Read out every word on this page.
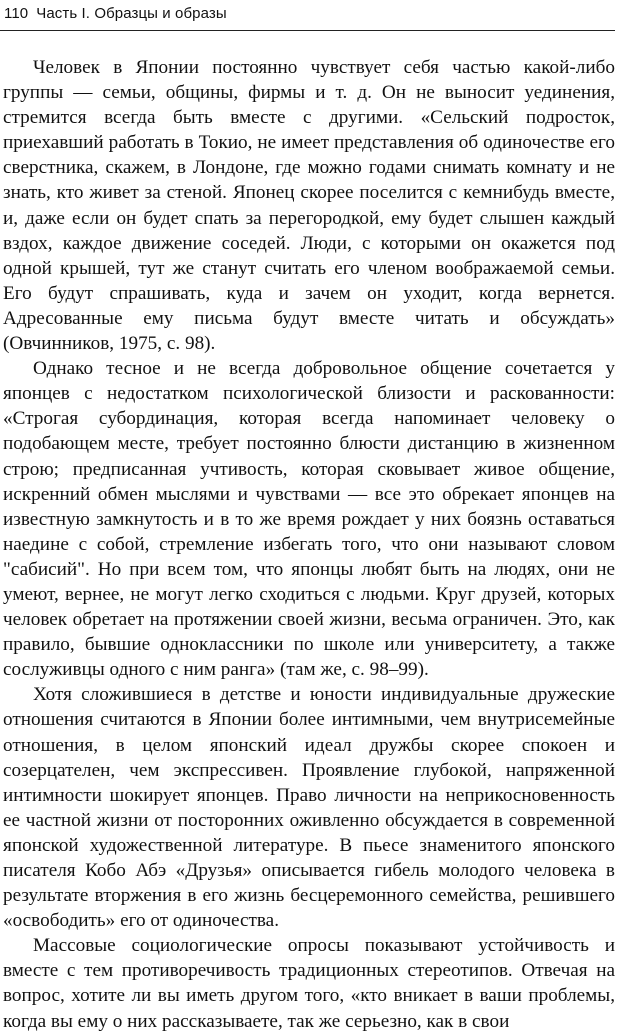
110 Часть I. Образцы и образы

Человек в Японии постоянно чувствует себя частью какой-либо группы — семьи, общины, фирмы и т. д. Он не выносит уединения, стремится всегда быть вместе с другими. «Сельский подросток, приехавший работать в Токио, не имеет представления об одиночестве его сверстника, скажем, в Лондоне, где можно годами снимать комнату и не знать, кто живет за стеной. Японец скорее поселится с кемнибудь вместе, и, даже если он будет спать за перегородкой, ему будет слышен каждый вздох, каждое движение соседей. Люди, с которыми он окажется под одной крышей, тут же станут считать его членом воображаемой семьи. Его будут спрашивать, куда и зачем он уходит, когда вернется. Адресованные ему письма будут вместе читать и обсуждать» (Овчинников, 1975, с. 98).

Однако тесное и не всегда добровольное общение сочетается у японцев с недостатком психологической близости и раскованности: «Строгая субординация, которая всегда напоминает человеку о подобающем месте, требует постоянно блюсти дистанцию в жизненном строю; предписанная учтивость, которая сковывает живое общение, искренний обмен мыслями и чувствами — все это обрекает японцев на известную замкнутость и в то же время рождает у них боязнь оставаться наедине с собой, стремление избегать того, что они называют словом "сабисий". Но при всем том, что японцы любят быть на людях, они не умеют, вернее, не могут легко сходиться с людьми. Круг друзей, которых человек обретает на протяжении своей жизни, весьма ограничен. Это, как правило, бывшие одноклассники по школе или университету, а также сослуживцы одного с ним ранга» (там же, с. 98–99).

Хотя сложившиеся в детстве и юности индивидуальные дружеские отношения считаются в Японии более интимными, чем внутрисемейные отношения, в целом японский идеал дружбы скорее спокоен и созерцателен, чем экспрессивен. Проявление глубокой, напряженной интимности шокирует японцев. Право личности на неприкосновенность ее частной жизни от посторонних оживленно обсуждается в современной японской художественной литературе. В пьесе знаменитого японского писателя Кобо Абэ «Друзья» описывается гибель молодого человека в результате вторжения в его жизнь бесцеремонного семейства, решившего «освободить» его от одиночества.

Массовые социологические опросы показывают устойчивость и вместе с тем противоречивость традиционных стереотипов. Отвечая на вопрос, хотите ли вы иметь другом того, «кто вникает в ваши проблемы, когда вы ему о них рассказываете, так же серьезно, как в свои
